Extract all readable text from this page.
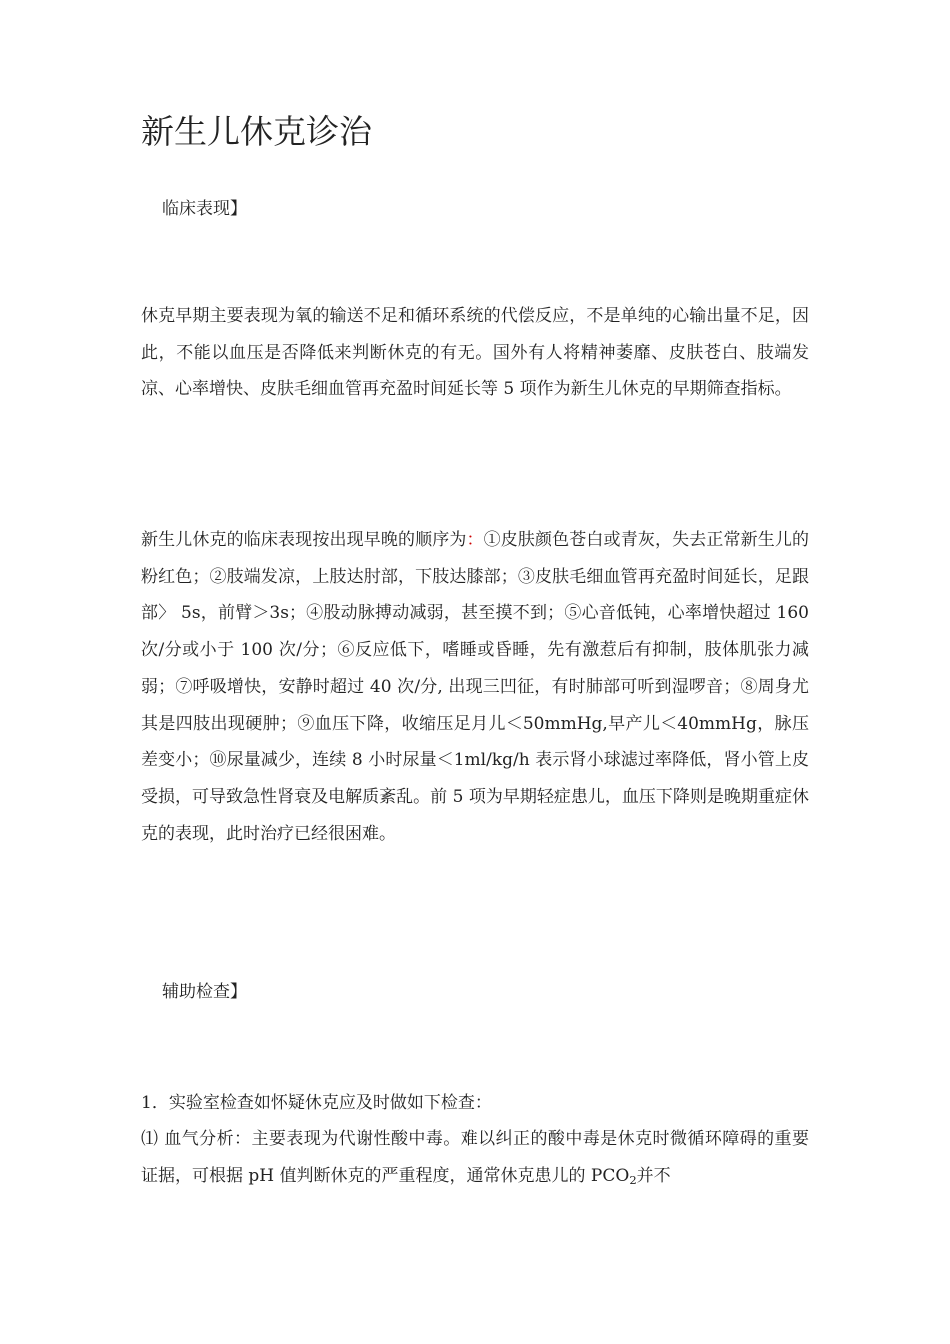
新生儿休克诊治

临床表现】

休克早期主要表现为氧的输送不足和循环系统的代偿反应，不是单纯的心输出量不足，因此，不能以血压是否降低来判断休克的有无。国外有人将精神萎靡、皮肤苍白、肢端发凉、心率增快、皮肤毛细血管再充盈时间延长等 5 项作为新生儿休克的早期筛查指标。

新生儿休克的临床表现按出现早晚的顺序为：①皮肤颜色苍白或青灰，失去正常新生儿的粉红色；②肢端发凉，上肢达肘部，下肢达膝部；③皮肤毛细血管再充盈时间延长，足跟部〉 5s，前臂＞3s；④股动脉搏动减弱，甚至摸不到；⑤心音低钝，心率增快超过 160 次/分或小于 100 次/分；⑥反应低下，嗜睡或昏睡，先有激惹后有抑制，肢体肌张力减弱；⑦呼吸增快，安静时超过 40 次/分, 出现三凹征，有时肺部可听到湿啰音；⑧周身尤其是四肢出现硬肿；⑨血压下降，收缩压足月儿＜50mmHg,早产儿＜40mmHg，脉压差变小；⑩尿量减少，连续 8 小时尿量＜1ml/kg/h 表示肾小球滤过率降低，肾小管上皮受损，可导致急性肾衰及电解质紊乱。前 5 项为早期轻症患儿，血压下降则是晚期重症休克的表现，此时治疗已经很困难。

辅助检查】

1．实验室检查如怀疑休克应及时做如下检查：

⑴ 血气分析：主要表现为代谢性酸中毒。难以纠正的酸中毒是休克时微循环障碍的重要证据，可根据 pH 值判断休克的严重程度，通常休克患儿的 $PCO_2$并不
